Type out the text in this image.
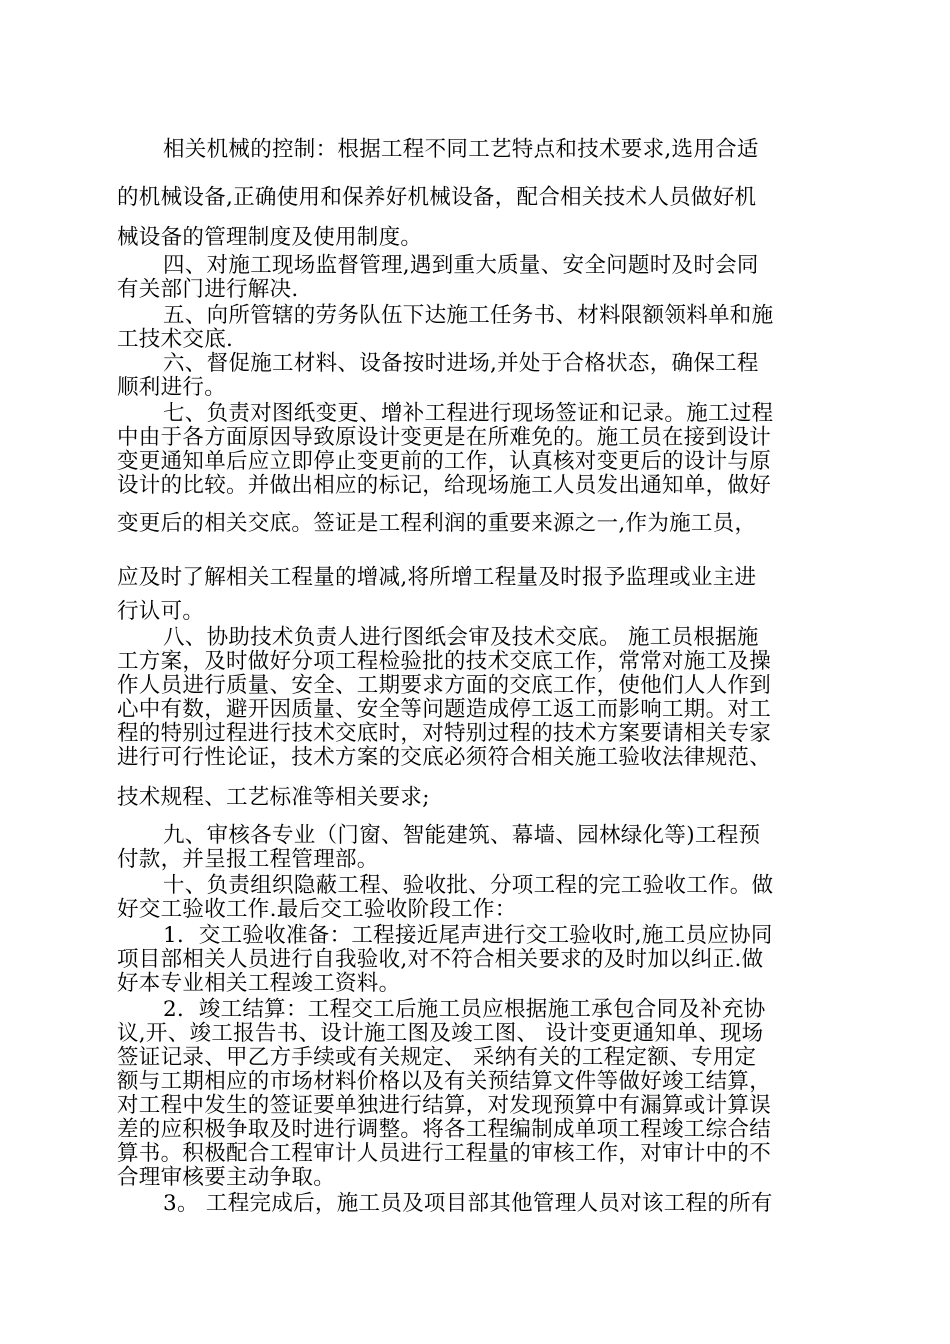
相关机械的控制：根据工程不同工艺特点和技术要求,选用合适
的机械设备,正确使用和保养好机械设备，配合相关技术人员做好机
械设备的管理制度及使用制度。
四、对施工现场监督管理,遇到重大质量、安全问题时及时会同
有关部门进行解决.
五、向所管辖的劳务队伍下达施工任务书、材料限额领料单和施
工技术交底.
六、督促施工材料、设备按时进场,并处于合格状态，确保工程
顺利进行。
七、负责对图纸变更、增补工程进行现场签证和记录。施工过程
中由于各方面原因导致原设计变更是在所难免的。施工员在接到设计
变更通知单后应立即停止变更前的工作，认真核对变更后的设计与原
设计的比较。并做出相应的标记，给现场施工人员发出通知单，做好
变更后的相关交底。签证是工程利润的重要来源之一,作为施工员，
应及时了解相关工程量的增减,将所增工程量及时报予监理或业主进
行认可。
八、协助技术负责人进行图纸会审及技术交底。 施工员根据施
工方案，及时做好分项工程检验批的技术交底工作，常常对施工及操
作人员进行质量、安全、工期要求方面的交底工作，使他们人人作到
心中有数，避开因质量、安全等问题造成停工返工而影响工期。对工
程的特别过程进行技术交底时，对特别过程的技术方案要请相关专家
进行可行性论证，技术方案的交底必须符合相关施工验收法律规范、
技术规程、工艺标准等相关要求;
九、审核各专业（门窗、智能建筑、幕墙、园林绿化等)工程预
付款，并呈报工程管理部。
十、负责组织隐蔽工程、验收批、分项工程的完工验收工作。做
好交工验收工作.最后交工验收阶段工作：
1．交工验收准备：工程接近尾声进行交工验收时,施工员应协同
项目部相关人员进行自我验收,对不符合相关要求的及时加以纠正.做
好本专业相关工程竣工资料。
2．竣工结算：工程交工后施工员应根据施工承包合同及补充协
议,开、竣工报告书、设计施工图及竣工图、 设计变更通知单、现场
签证记录、甲乙方手续或有关规定、 采纳有关的工程定额、专用定
额与工期相应的市场材料价格以及有关预结算文件等做好竣工结算，
对工程中发生的签证要单独进行结算，对发现预算中有漏算或计算误
差的应积极争取及时进行调整。将各工程编制成单项工程竣工综合结
算书。积极配合工程审计人员进行工程量的审核工作，对审计中的不
合理审核要主动争取。
3。 工程完成后，施工员及项目部其他管理人员对该工程的所有
